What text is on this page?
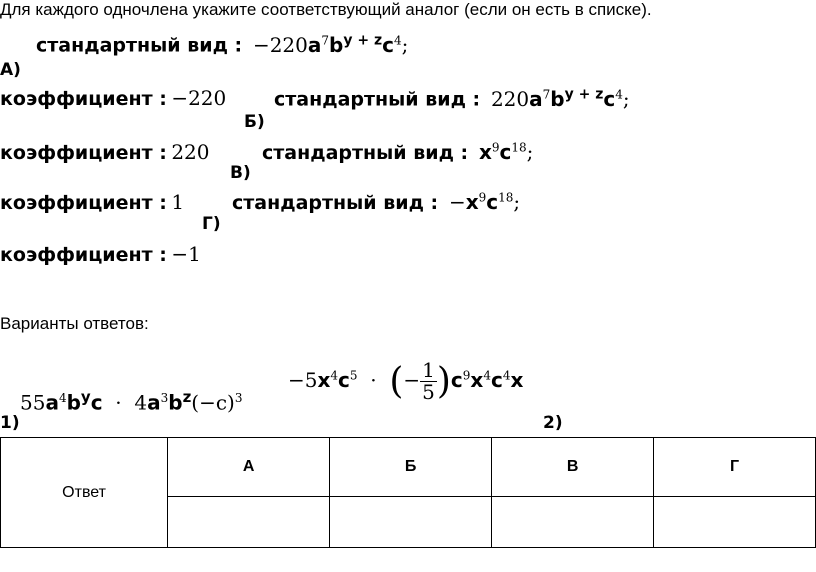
Для каждого одночлена укажите соответствующий аналог (если он есть в списке).
стандартный вид :  $-220a^7b^{y + z}c^4$;
А)
коэффициент : −220	стандартный вид :  $220a^7b^{y + z}c^4$;
Б)
коэффициент : 220	стандартный вид : $x^9c^{18}$;
В)
коэффициент : 1	стандартный вид :  $-x^9c^{18}$;
Г)
коэффициент : −1
Варианты ответов:
$55a^4b^yc \cdot 4a^3b^z(-c)^3$
1)
$-5x^4c^5$ · (− $\frac{1}{5} )c^9x^4c^4x$
2)
Ответ	А	Б	В	Г
